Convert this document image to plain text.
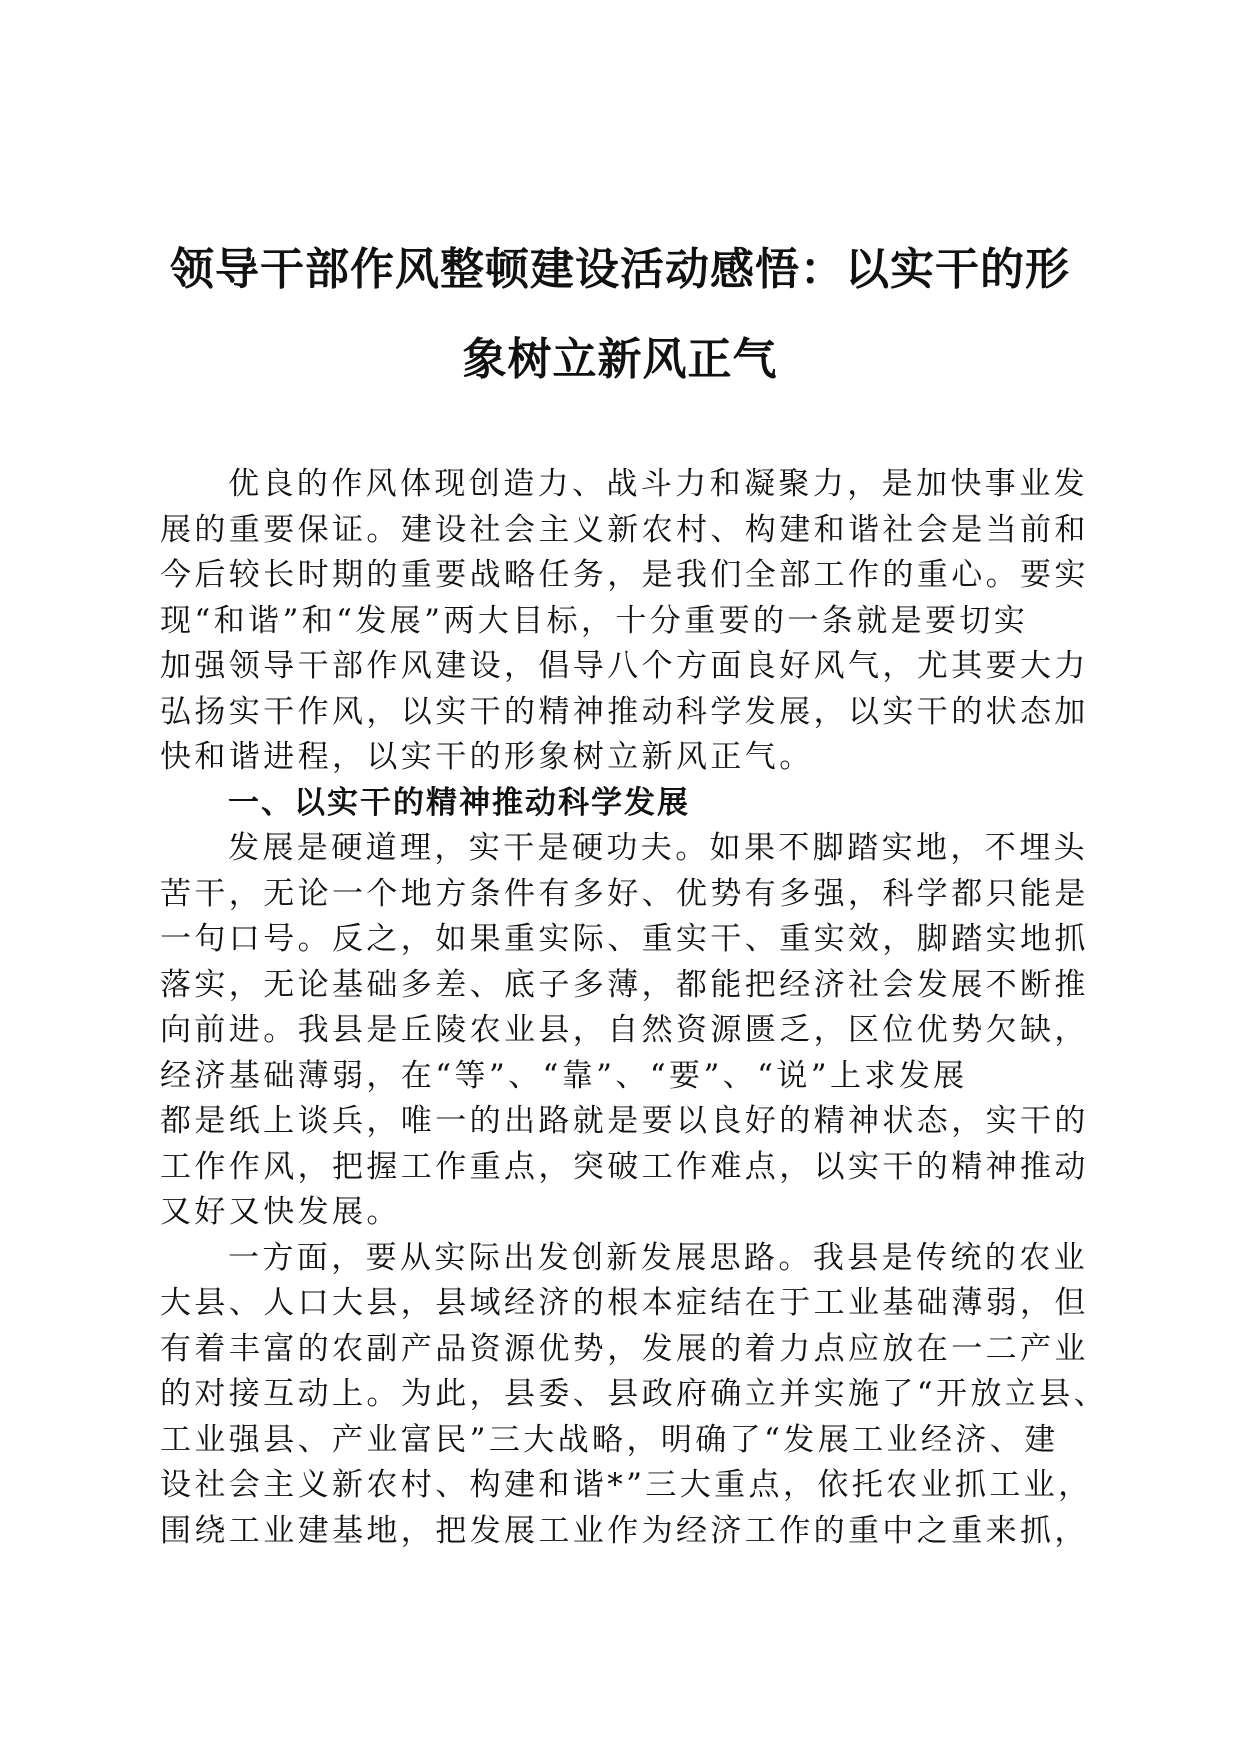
领导干部作风整顿建设活动感悟：以实干的形
象树立新风正气
优良的作风体现创造力、战斗力和凝聚力，是加快事业发
展的重要保证。建设社会主义新农村、构建和谐社会是当前和
今后较长时期的重要战略任务，是我们全部工作的重心。要实
现“和谐”和“发展”两大目标，十分重要的一条就是要切实
加强领导干部作风建设，倡导八个方面良好风气，尤其要大力
弘扬实干作风，以实干的精神推动科学发展，以实干的状态加
快和谐进程，以实干的形象树立新风正气。
一、以实干的精神推动科学发展
发展是硬道理，实干是硬功夫。如果不脚踏实地，不埋头
苦干，无论一个地方条件有多好、优势有多强，科学都只能是
一句口号。反之，如果重实际、重实干、重实效，脚踏实地抓
落实，无论基础多差、底子多薄，都能把经济社会发展不断推
向前进。我县是丘陵农业县，自然资源匮乏，区位优势欠缺，
经济基础薄弱，在“等”、“靠”、“要”、“说”上求发展
都是纸上谈兵，唯一的出路就是要以良好的精神状态，实干的
工作作风，把握工作重点，突破工作难点，以实干的精神推动
又好又快发展。
一方面，要从实际出发创新发展思路。我县是传统的农业
大县、人口大县，县域经济的根本症结在于工业基础薄弱，但
有着丰富的农副产品资源优势，发展的着力点应放在一二产业
的对接互动上。为此，县委、县政府确立并实施了“开放立县、
工业强县、产业富民”三大战略，明确了“发展工业经济、建
设社会主义新农村、构建和谐*”三大重点，依托农业抓工业，
围绕工业建基地，把发展工业作为经济工作的重中之重来抓，
